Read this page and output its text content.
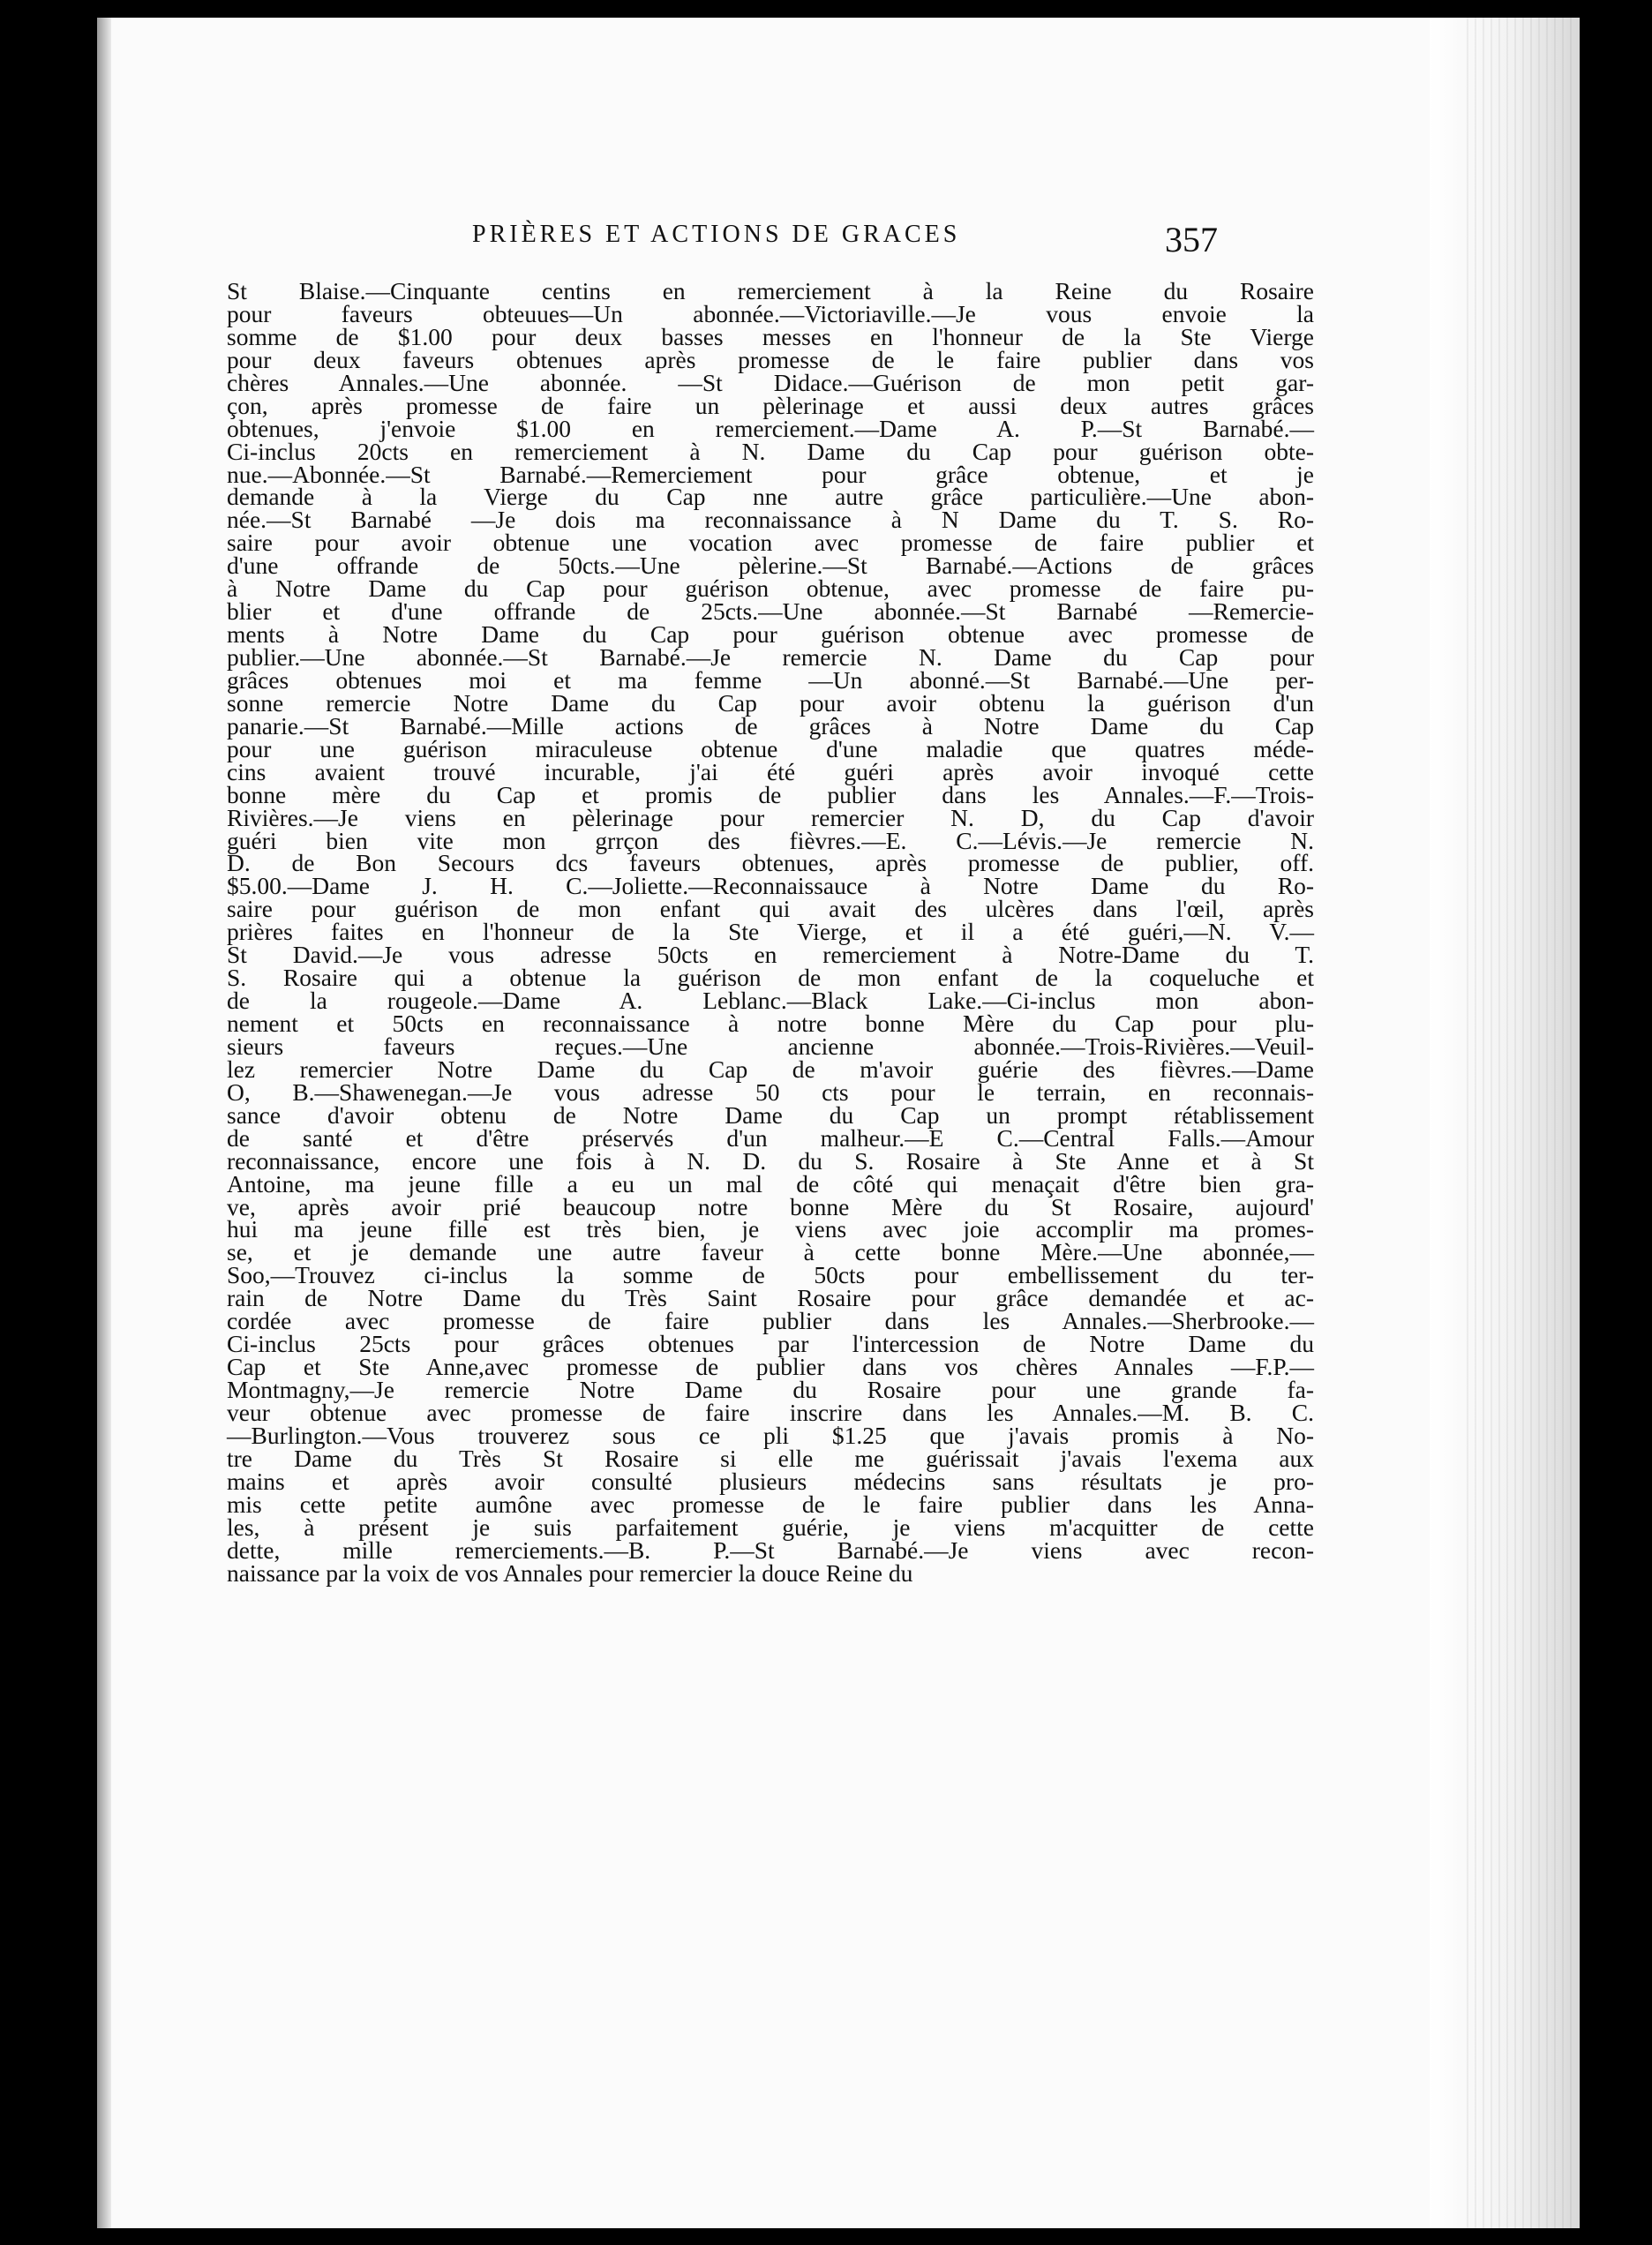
PRIÈRES ET ACTIONS DE GRACES	357
St Blaise.—Cinquante centins en remerciement à la Reine du Rosaire
pour faveurs obteuues—Un abonnée.—Victoriaville.—Je vous envoie la
somme de $1.00 pour deux basses messes en l'honneur de la Ste Vierge
pour deux faveurs obtenues après promesse de le faire publier dans vos
chères Annales.—Une abonnée. —St Didace.—Guérison de mon petit gar-
çon, après promesse de faire un pèlerinage et aussi deux autres grâces
obtenues, j'envoie $1.00 en remerciement.—Dame A. P.—St Barnabé.—
Ci-inclus 20cts en remerciement à N. Dame du Cap pour guérison obte-
nue.—Abonnée.—St Barnabé.—Remerciement pour grâce obtenue, et je
demande à la Vierge du Cap nne autre grâce particulière.—Une abon-
née.—St Barnabé —Je dois ma reconnaissance à N Dame du T. S. Ro-
saire pour avoir obtenue une vocation avec promesse de faire publier et
d'une offrande de 50cts.—Une pèlerine.—St Barnabé.—Actions de grâces
à Notre Dame du Cap pour guérison obtenue, avec promesse de faire pu-
blier et d'une offrande de 25cts.—Une abonnée.—St Barnabé —Remercie-
ments à Notre Dame du Cap pour guérison obtenue avec promesse de
publier.—Une abonnée.—St Barnabé.—Je remercie N. Dame du Cap pour
grâces obtenues moi et ma femme —Un abonné.—St Barnabé.—Une per-
sonne remercie Notre Dame du Cap pour avoir obtenu la guérison d'un
panarie.—St Barnabé.—Mille actions de grâces à Notre Dame du Cap
pour une guérison miraculeuse obtenue d'une maladie que quatres méde-
cins avaient trouvé incurable, j'ai été guéri après avoir invoqué cette
bonne mère du Cap et promis de publier dans les Annales.—F.—Trois-
Rivières.—Je viens en pèlerinage pour remercier N. D, du Cap d'avoir
guéri bien vite mon grrçon des fièvres.—E. C.—Lévis.—Je remercie N.
D. de Bon Secours dcs faveurs obtenues, après promesse de publier, off.
$5.00.—Dame J. H. C.—Joliette.—Reconnaissauce à Notre Dame du Ro-
saire pour guérison de mon enfant qui avait des ulcères dans l'œil, après
prières faites en l'honneur de la Ste Vierge, et il a été guéri,—N. V.—
St David.—Je vous adresse 50cts en remerciement à Notre-Dame du T.
S. Rosaire qui a obtenue la guérison de mon enfant de la coqueluche et
de la rougeole.—Dame A. Leblanc.—Black Lake.—Ci-inclus mon abon-
nement et 50cts en reconnaissance à notre bonne Mère du Cap pour plu-
sieurs faveurs reçues.—Une ancienne abonnée.—Trois-Rivières.—Veuil-
lez remercier Notre Dame du Cap de m'avoir guérie des fièvres.—Dame
O, B.—Shawenegan.—Je vous adresse 50 cts pour le terrain, en reconnais-
sance d'avoir obtenu de Notre Dame du Cap un prompt rétablissement
de santé et d'être préservés d'un malheur.—E C.—Central Falls.—Amour
reconnaissance, encore une fois à N. D. du S. Rosaire à Ste Anne et à St
Antoine, ma jeune fille a eu un mal de côté qui menaçait d'être bien gra-
ve, après avoir prié beaucoup notre bonne Mère du St Rosaire, aujourd'
hui ma jeune fille est très bien, je viens avec joie accomplir ma promes-
se, et je demande une autre faveur à cette bonne Mère.—Une abonnée,—
Soo,—Trouvez ci-inclus la somme de 50cts pour embellissement du ter-
rain de Notre Dame du Très Saint Rosaire pour grâce demandée et ac-
cordée avec promesse de faire publier dans les Annales.—Sherbrooke.—
Ci-inclus 25cts pour grâces obtenues par l'intercession de Notre Dame du
Cap et Ste Anne,avec promesse de publier dans vos chères Annales —F.P.—
Montmagny,—Je remercie Notre Dame du Rosaire pour une grande fa-
veur obtenue avec promesse de faire inscrire dans les Annales.—M. B. C.
—Burlington.—Vous trouverez sous ce pli $1.25 que j'avais promis à No-
tre Dame du Très St Rosaire si elle me guérissait j'avais l'exema aux
mains et après avoir consulté plusieurs médecins sans résultats je pro-
mis cette petite aumône avec promesse de le faire publier dans les Anna-
les, à présent je suis parfaitement guérie, je viens m'acquitter de cette
dette, mille remerciements.—B. P.—St Barnabé.—Je viens avec recon-
naissance par la voix de vos Annales pour remercier la douce Reine du
